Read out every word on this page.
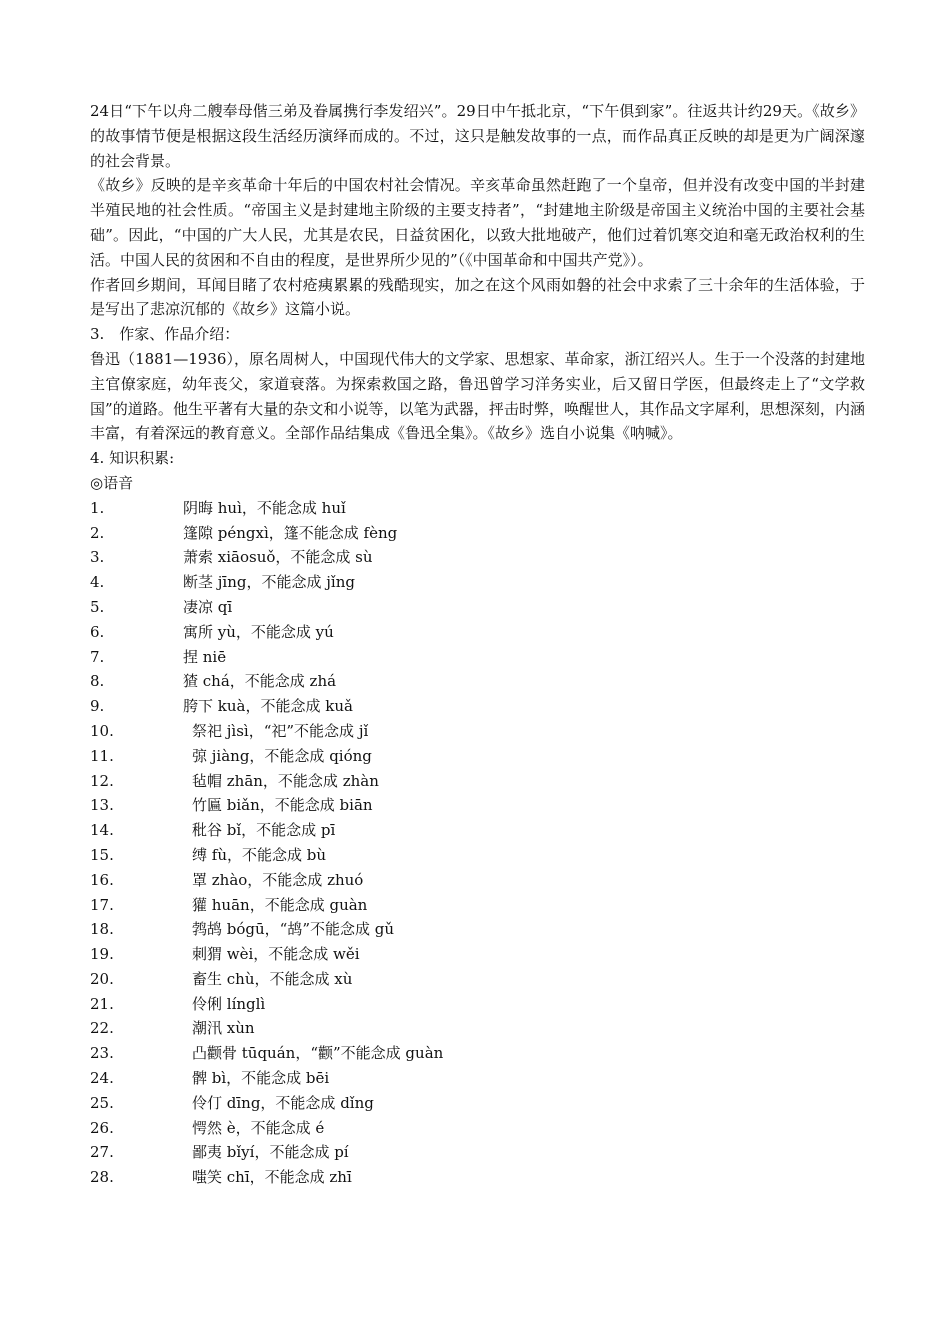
24日“下午以舟二艘奉母偕三弟及眷属携行李发绍兴”。29日中午抵北京，“下午俱到家”。往返共计约29天。《故乡》的故事情节便是根据这段生活经历演绎而成的。不过，这只是触发故事的一点，而作品真正反映的却是更为广阔深邃的社会背景。

《故乡》反映的是辛亥革命十年后的中国农村社会情况。辛亥革命虽然赶跑了一个皇帝，但并没有改变中国的半封建半殖民地的社会性质。“帝国主义是封建地主阶级的主要支持者”，“封建地主阶级是帝国主义统治中国的主要社会基础”。因此，“中国的广大人民，尤其是农民，日益贫困化，以致大批地破产，他们过着饥寒交迫和毫无政治权利的生活。中国人民的贫困和不自由的程度，是世界所少见的”（《中国革命和中国共产党》）。

作者回乡期间，耳闻目睹了农村疮痍累累的残酷现实，加之在这个风雨如磐的社会中求索了三十余年的生活体验，于是写出了悲凉沉郁的《故乡》这篇小说。

3.　作家、作品介绍：

鲁迅（1881—1936），原名周树人，中国现代伟大的文学家、思想家、革命家，浙江绍兴人。生于一个没落的封建地主官僚家庭，幼年丧父，家道衰落。为探索救国之路，鲁迅曾学习洋务实业，后又留日学医，但最终走上了“文学救国”的道路。他生平著有大量的杂文和小说等，以笔为武器，抨击时弊，唤醒世人，其作品文字犀利，思想深刻，内涵丰富，有着深远的教育意义。全部作品结集成《鲁迅全集》。《故乡》选自小说集《呐喊》。

4. 知识积累:

◎语音

1.	阴晦 huì，不能念成 huǐ
2.	篷隙 péngxì，篷不能念成 fèng
3.	萧索 xiāosuǒ，不能念成 sù
4.	断茎 jīng，不能念成 jǐng
5.	凄凉 qī
6.	寓所 yù，不能念成 yú
7.	捏 niē
8.	猹 chá，不能念成 zhá
9.	胯下 kuà，不能念成 kuǎ
10.	祭祀 jìsì，“祀”不能念成 jǐ
11.	弶 jiàng，不能念成 qióng
12.	毡帽 zhān，不能念成 zhàn
13.	竹匾 biǎn，不能念成 biān
14.	秕谷 bǐ，不能念成 pī
15.	缚 fù，不能念成 bù
16.	罩 zhào，不能念成 zhuó
17.	獾 huān，不能念成 guàn
18.	鹁鸪 bógū，“鸪”不能念成 gǔ
19.	刺猬 wèi，不能念成 wěi
20.	畜生 chù，不能念成 xù
21.	伶俐 línglì
22.	潮汛 xùn
23.	凸颧骨 tūquán，“颧”不能念成 guàn
24.	髀 bì，不能念成 bēi
25.	伶仃 dīng，不能念成 dǐng
26.	愕然 è，不能念成 é
27.	鄙夷 bǐyí，不能念成 pí
28.	嗤笑 chī，不能念成 zhī
